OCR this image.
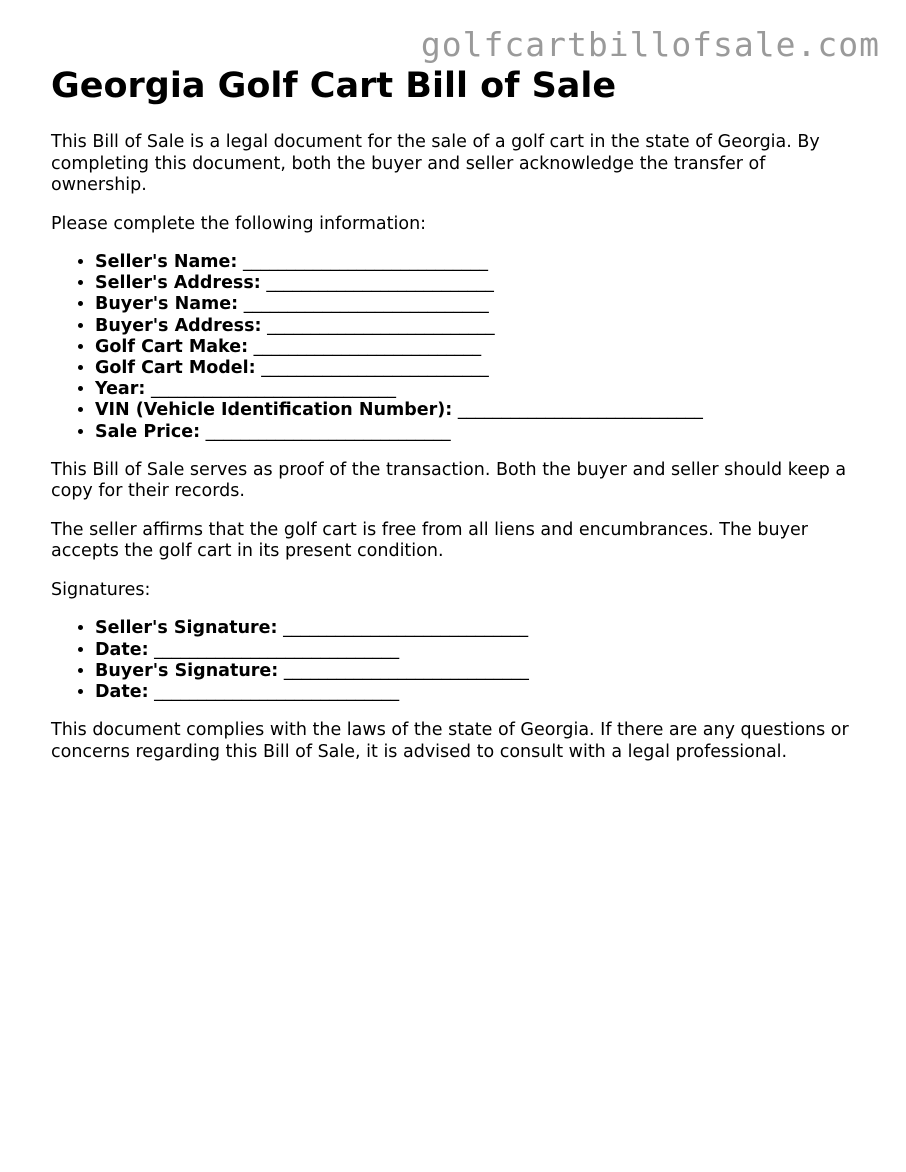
golfcartbillofsale.com
Georgia Golf Cart Bill of Sale

This Bill of Sale is a legal document for the sale of a golf cart in the state of Georgia. By completing this document, both the buyer and seller acknowledge the transfer of ownership.

Please complete the following information:

• Seller's Name: ____________________________
• Seller's Address: __________________________
• Buyer's Name: ____________________________
• Buyer's Address: __________________________
• Golf Cart Make: __________________________
• Golf Cart Model: __________________________
• Year: ____________________________
• VIN (Vehicle Identification Number): ____________________________
• Sale Price: ____________________________

This Bill of Sale serves as proof of the transaction. Both the buyer and seller should keep a copy for their records.

The seller affirms that the golf cart is free from all liens and encumbrances. The buyer accepts the golf cart in its present condition.

Signatures:

• Seller's Signature: ____________________________
• Date: ____________________________
• Buyer's Signature: ____________________________
• Date: ____________________________

This document complies with the laws of the state of Georgia. If there are any questions or concerns regarding this Bill of Sale, it is advised to consult with a legal professional.
